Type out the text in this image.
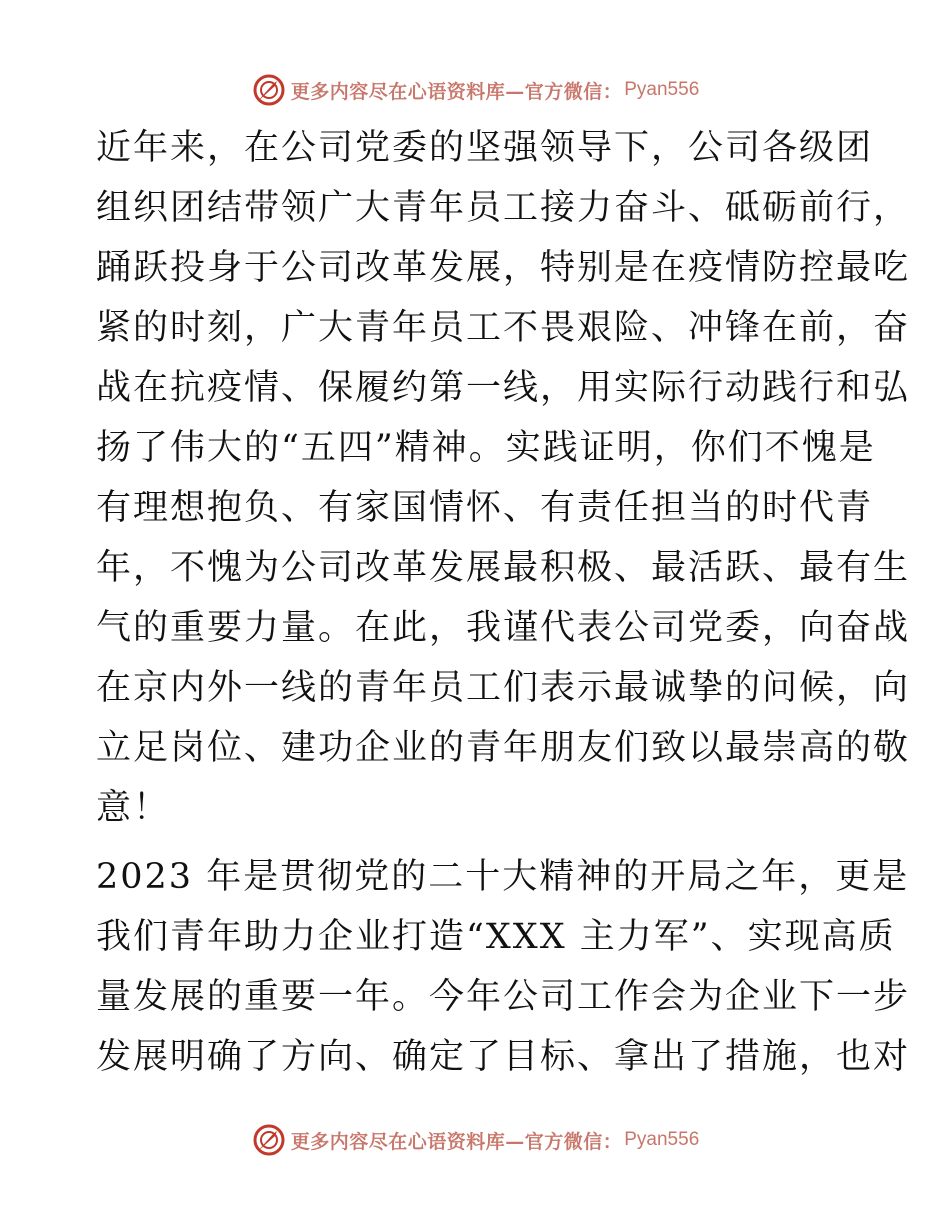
更多内容尽在心语资料库—官方微信： Pyan556

近年来，在公司党委的坚强领导下，公司各级团

组织团结带领广大青年员工接力奋斗、砥砺前行，

踊跃投身于公司改革发展，特别是在疫情防控最吃

紧的时刻，广大青年员工不畏艰险、冲锋在前，奋

战在抗疫情、保履约第一线，用实际行动践行和弘

扬了伟大的“五四”精神。实践证明，你们不愧是

有理想抱负、有家国情怀、有责任担当的时代青

年，不愧为公司改革发展最积极、最活跃、最有生

气的重要力量。在此，我谨代表公司党委，向奋战

在京内外一线的青年员工们表示最诚挚的问候，向

立足岗位、建功企业的青年朋友们致以最崇高的敬

意！

2023 年是贯彻党的二十大精神的开局之年，更是

我们青年助力企业打造“XXX 主力军”、实现高质

量发展的重要一年。今年公司工作会为企业下一步

发展明确了方向、确定了目标、拿出了措施，也对

更多内容尽在心语资料库—官方微信： Pyan556
